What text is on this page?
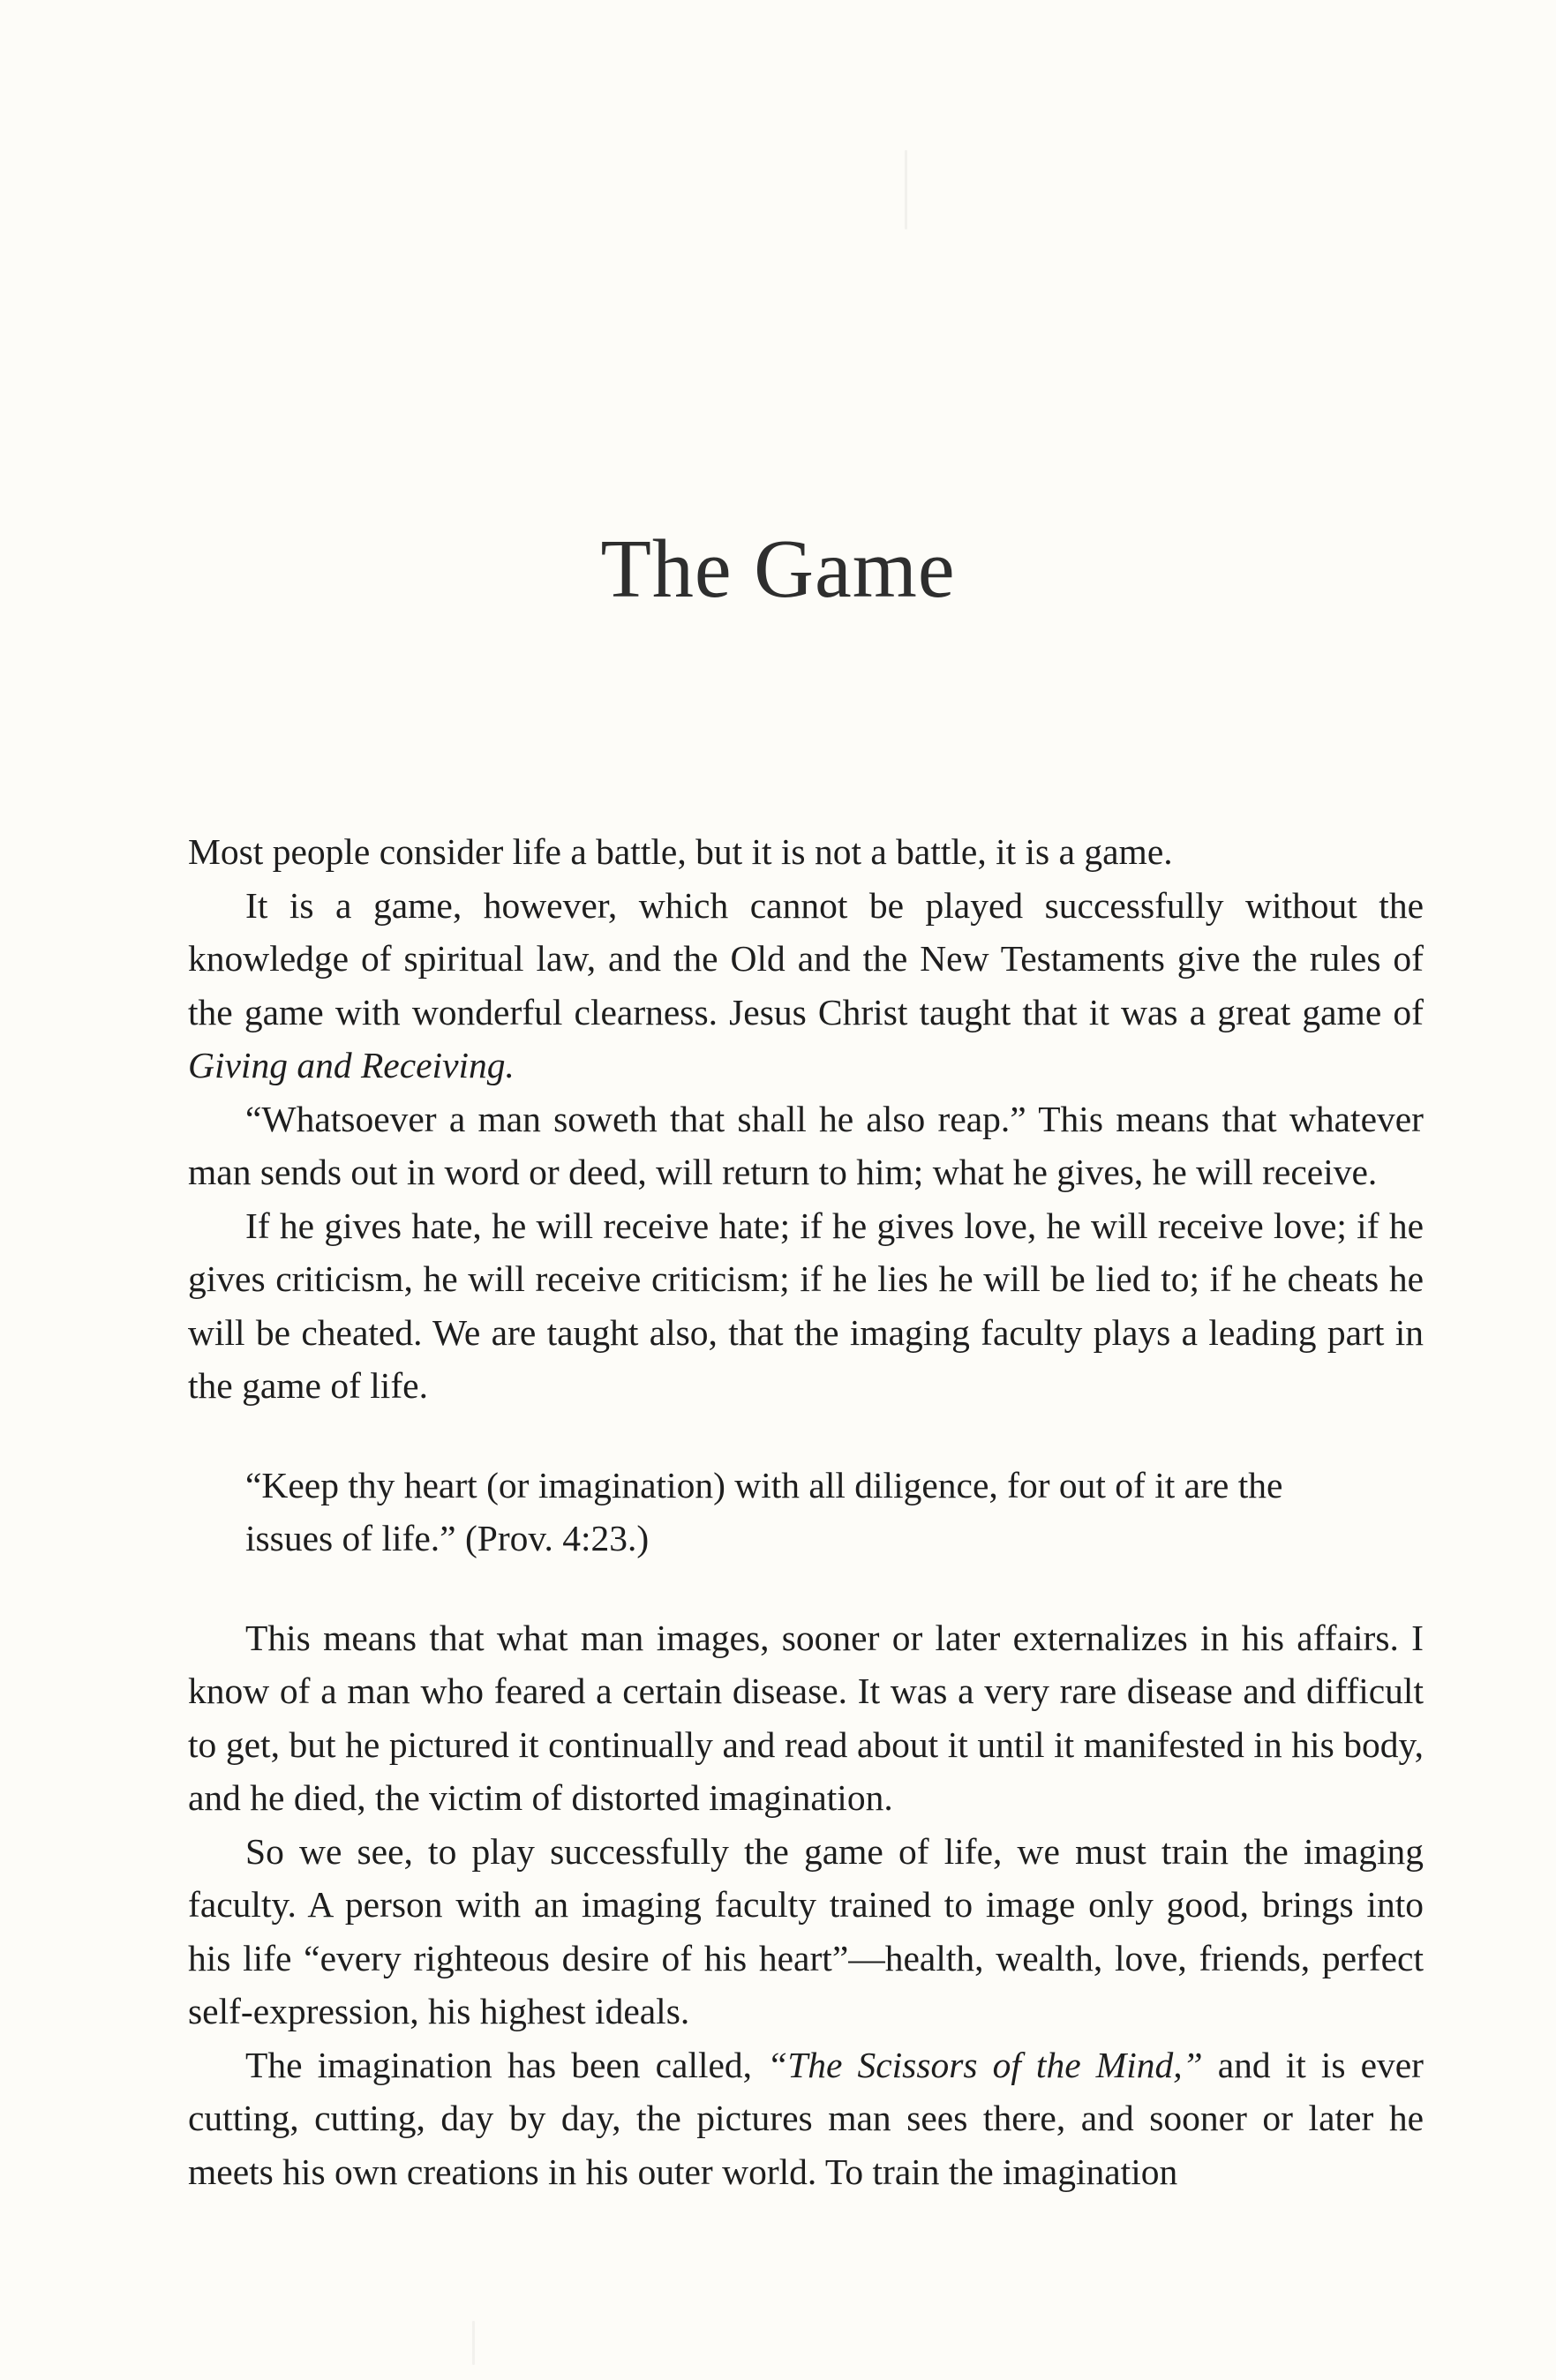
The Game

Most people consider life a battle, but it is not a battle, it is a game.

It is a game, however, which cannot be played successfully without the knowledge of spiritual law, and the Old and the New Testaments give the rules of the game with wonderful clearness. Jesus Christ taught that it was a great game of Giving and Receiving.

“Whatsoever a man soweth that shall he also reap.” This means that whatever man sends out in word or deed, will return to him; what he gives, he will receive.

If he gives hate, he will receive hate; if he gives love, he will receive love; if he gives criticism, he will receive criticism; if he lies he will be lied to; if he cheats he will be cheated. We are taught also, that the imaging faculty plays a leading part in the game of life.

“Keep thy heart (or imagination) with all diligence, for out of it are the issues of life.” (Prov. 4:23.)

This means that what man images, sooner or later externalizes in his affairs. I know of a man who feared a certain disease. It was a very rare disease and difficult to get, but he pictured it continually and read about it until it manifested in his body, and he died, the victim of distorted imagination.

So we see, to play successfully the game of life, we must train the imaging faculty. A person with an imaging faculty trained to image only good, brings into his life “every righteous desire of his heart”—health, wealth, love, friends, perfect self-expression, his highest ideals.

The imagination has been called, “The Scissors of the Mind,” and it is ever cutting, cutting, day by day, the pictures man sees there, and sooner or later he meets his own creations in his outer world. To train the imagination
